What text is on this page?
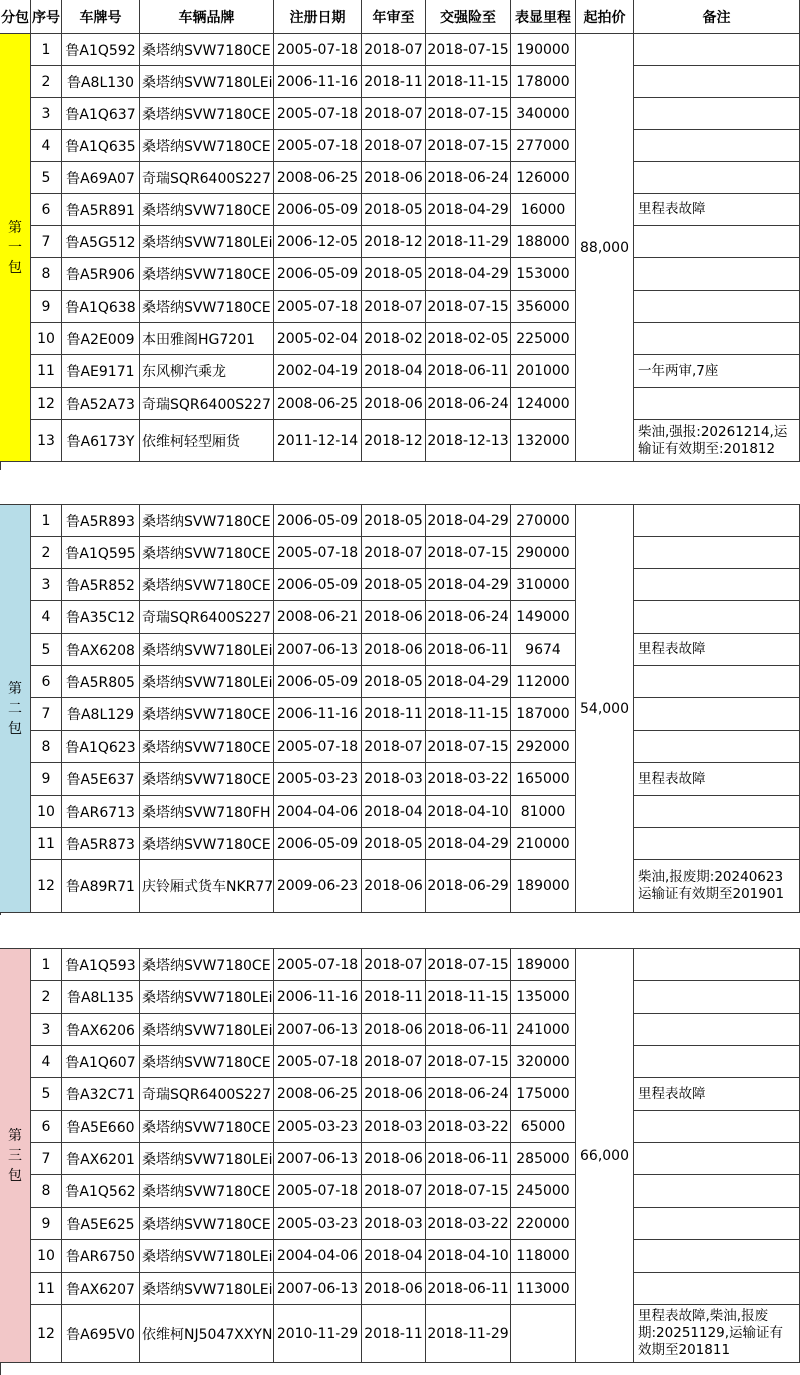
分包 序号	车牌号	车辆品牌	注册日期	年审至	交强险至	表显里程 起拍价	备注
第一包
88,000
1	鲁A1Q592 桑塔纳SVW7180CE 2005-07-18 2018-07 2018-07-15 190000
2	鲁A8L130 桑塔纳SVW7180LEi 2006-11-16 2018-11 2018-11-15 178000
3	鲁A1Q637 桑塔纳SVW7180CE 2005-07-18 2018-07 2018-07-15 340000
4	鲁A1Q635 桑塔纳SVW7180CE 2005-07-18 2018-07 2018-07-15 277000
5	鲁A69A07 奇瑞SQR6400S227 2008-06-25 2018-06 2018-06-24 126000
6	鲁A5R891 桑塔纳SVW7180CE 2006-05-09 2018-05 2018-04-29 16000	里程表故障
7	鲁A5G512 桑塔纳SVW7180LEi 2006-12-05 2018-12 2018-11-29 188000
8	鲁A5R906 桑塔纳SVW7180CE 2006-05-09 2018-05 2018-04-29 153000
9	鲁A1Q638 桑塔纳SVW7180CE 2005-07-18 2018-07 2018-07-15 356000
10 鲁A2E009 本田雅阁HG7201	2005-02-04 2018-02 2018-02-05 225000
11 鲁AE9171 东风柳汽乘龙	2002-04-19 2018-04 2018-06-11 201000	一年两审,7座
12 鲁A52A73 奇瑞SQR6400S227 2008-06-25 2018-06 2018-06-24 124000
13 鲁A6173Y 依维柯轻型厢货	2011-12-14 2018-12 2018-12-13 132000
柴油,强报:20261214,运输证有效期至:201812
第二包
54,000
1	鲁A5R893 桑塔纳SVW7180CE 2006-05-09 2018-05 2018-04-29 270000
2	鲁A1Q595 桑塔纳SVW7180CE 2005-07-18 2018-07 2018-07-15 290000
3	鲁A5R852 桑塔纳SVW7180CE 2006-05-09 2018-05 2018-04-29 310000
4	鲁A35C12 奇瑞SQR6400S227 2008-06-21 2018-06 2018-06-24 149000
5	鲁AX6208 桑塔纳SVW7180LEi 2007-06-13 2018-06 2018-06-11	9674	里程表故障
6	鲁A5R805 桑塔纳SVW7180LEi 2006-05-09 2018-05 2018-04-29 112000
7	鲁A8L129 桑塔纳SVW7180CE 2006-11-16 2018-11 2018-11-15 187000
8	鲁A1Q623 桑塔纳SVW7180CE 2005-07-18 2018-07 2018-07-15 292000
9	鲁A5E637 桑塔纳SVW7180CE 2005-03-23 2018-03 2018-03-22 165000	里程表故障
10 鲁AR6713 桑塔纳SVW7180FH 2004-04-06 2018-04 2018-04-10 81000
11 鲁A5R873 桑塔纳SVW7180CE 2006-05-09 2018-05 2018-04-29 210000
12 鲁A89R71 庆铃厢式货车NKR77 2009-06-23 2018-06 2018-06-29 189000
柴油,报废期:20240623运输证有效期至201901
第三包
66,000
1	鲁A1Q593 桑塔纳SVW7180CE 2005-07-18 2018-07 2018-07-15 189000
2	鲁A8L135 桑塔纳SVW7180LEi 2006-11-16 2018-11 2018-11-15 135000
3	鲁AX6206 桑塔纳SVW7180LEi 2007-06-13 2018-06 2018-06-11 241000
4	鲁A1Q607 桑塔纳SVW7180CE 2005-07-18 2018-07 2018-07-15 320000
5	鲁A32C71 奇瑞SQR6400S227 2008-06-25 2018-06 2018-06-24 175000	里程表故障
6	鲁A5E660 桑塔纳SVW7180CE 2005-03-23 2018-03 2018-03-22 65000
7	鲁AX6201 桑塔纳SVW7180LEi 2007-06-13 2018-06 2018-06-11 285000
8	鲁A1Q562 桑塔纳SVW7180CE 2005-07-18 2018-07 2018-07-15 245000
9	鲁A5E625 桑塔纳SVW7180CE 2005-03-23 2018-03 2018-03-22 220000
10 鲁AR6750 桑塔纳SVW7180LEi 2004-04-06 2018-04 2018-04-10 118000
11 鲁AX6207 桑塔纳SVW7180LEi 2007-06-13 2018-06 2018-06-11 113000
12 鲁A695V0 依维柯NJ5047XXYN 2010-11-29 2018-11 2018-11-29
里程表故障,柴油,报废期:20251129,运输证有效期至201811
